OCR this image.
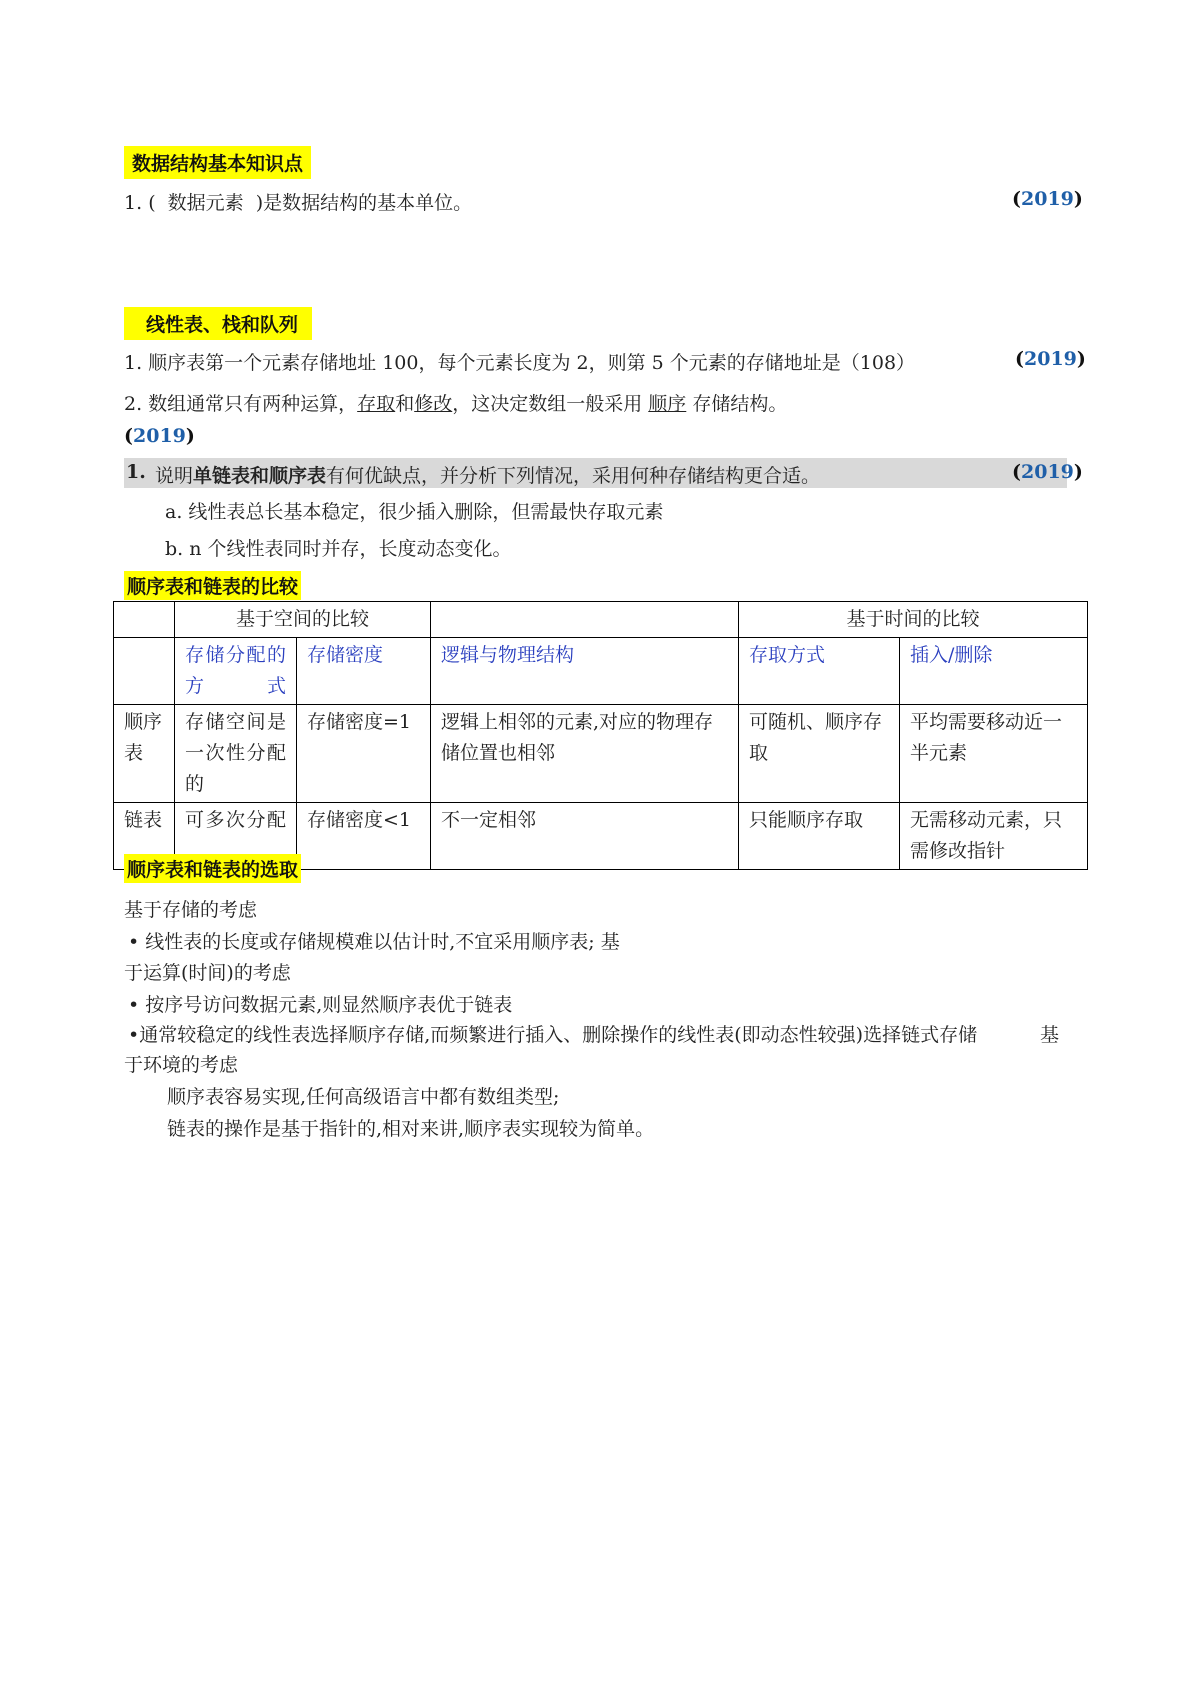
数据结构基本知识点
1. ( 数据元素 )是数据结构的基本单位。	(2019)
线性表、栈和队列
1. 顺序表第一个元素存储地址 100，每个元素长度为 2，则第 5 个元素的存储地址是（108）	(2019)
2. 数组通常只有两种运算，存取和修改，这决定数组一般采用 顺序 存储结构。
(2019)
1. 说明单链表和顺序表有何优缺点，并分析下列情况，采用何种存储结构更合适。	(2019)
a. 线性表总长基本稳定，很少插入删除，但需最快存取元素
b. n 个线性表同时并存，长度动态变化。
顺序表和链表的比较
	基于空间的比较			基于时间的比较	
	存储分配的方式	存储密度	逻辑与物理结构	存取方式	插入/删除
顺序表	存储空间是一次性分配的	存储密度=1	逻辑上相邻的元素,对应的物理存储位置也相邻	可随机、顺序存取	平均需要移动近一半元素
链表	可多次分配	存储密度<1	不一定相邻	只能顺序存取	无需移动元素，只需修改指针
顺序表和链表的选取
基于存储的考虑
• 线性表的长度或存储规模难以估计时,不宜采用顺序表; 基
于运算(时间)的考虑
• 按序号访问数据元素,则显然顺序表优于链表
•通常较稳定的线性表选择顺序存储,而频繁进行插入、删除操作的线性表(即动态性较强)选择链式存储	基
于环境的考虑
顺序表容易实现,任何高级语言中都有数组类型;
链表的操作是基于指针的,相对来讲,顺序表实现较为简单。
